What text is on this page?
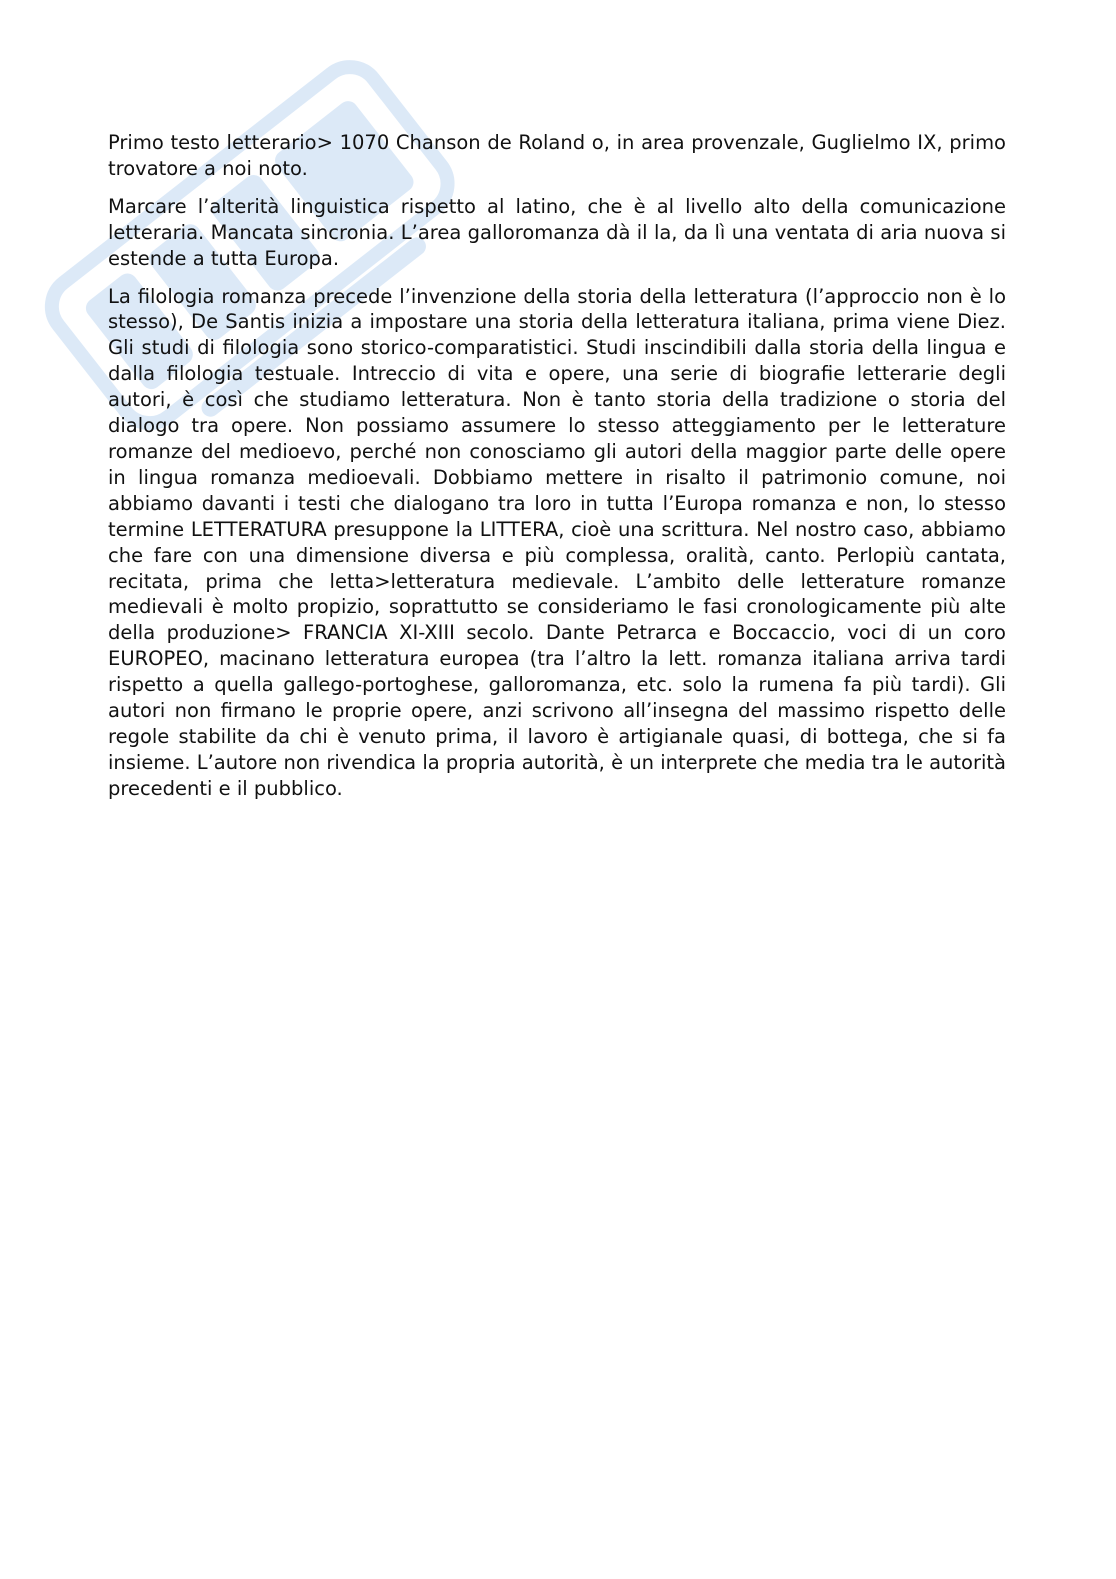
Primo testo letterario> 1070 Chanson de Roland o, in area provenzale, Guglielmo IX, primo trovatore a noi noto.

Marcare l’alterità linguistica rispetto al latino, che è al livello alto della comunicazione letteraria. Mancata sincronia. L’area galloromanza dà il la, da lì una ventata di aria nuova si estende a tutta Europa.

La filologia romanza precede l’invenzione della storia della letteratura (l’approccio non è lo stesso), De Santis inizia a impostare una storia della letteratura italiana, prima viene Diez. Gli studi di filologia sono storico-comparatistici. Studi inscindibili dalla storia della lingua e dalla filologia testuale. Intreccio di vita e opere, una serie di biografie letterarie degli autori, è così che studiamo letteratura. Non è tanto storia della tradizione o storia del dialogo tra opere. Non possiamo assumere lo stesso atteggiamento per le letterature romanze del medioevo, perché non conosciamo gli autori della maggior parte delle opere in lingua romanza medioevali. Dobbiamo mettere in risalto il patrimonio comune, noi abbiamo davanti i testi che dialogano tra loro in tutta l’Europa romanza e non, lo stesso termine LETTERATURA presuppone la LITTERA, cioè una scrittura. Nel nostro caso, abbiamo che fare con una dimensione diversa e più complessa, oralità, canto. Perlopiù cantata, recitata, prima che letta>letteratura medievale. L’ambito delle letterature romanze medievali è molto propizio, soprattutto se consideriamo le fasi cronologicamente più alte della produzione> FRANCIA XI-XIII secolo. Dante Petrarca e Boccaccio, voci di un coro EUROPEO, macinano letteratura europea (tra l’altro la lett. romanza italiana arriva tardi rispetto a quella gallego-portoghese, galloromanza, etc. solo la rumena fa più tardi). Gli autori non firmano le proprie opere, anzi scrivono all’insegna del massimo rispetto delle regole stabilite da chi è venuto prima, il lavoro è artigianale quasi, di bottega, che si fa insieme. L’autore non rivendica la propria autorità, è un interprete che media tra le autorità precedenti e il pubblico.
